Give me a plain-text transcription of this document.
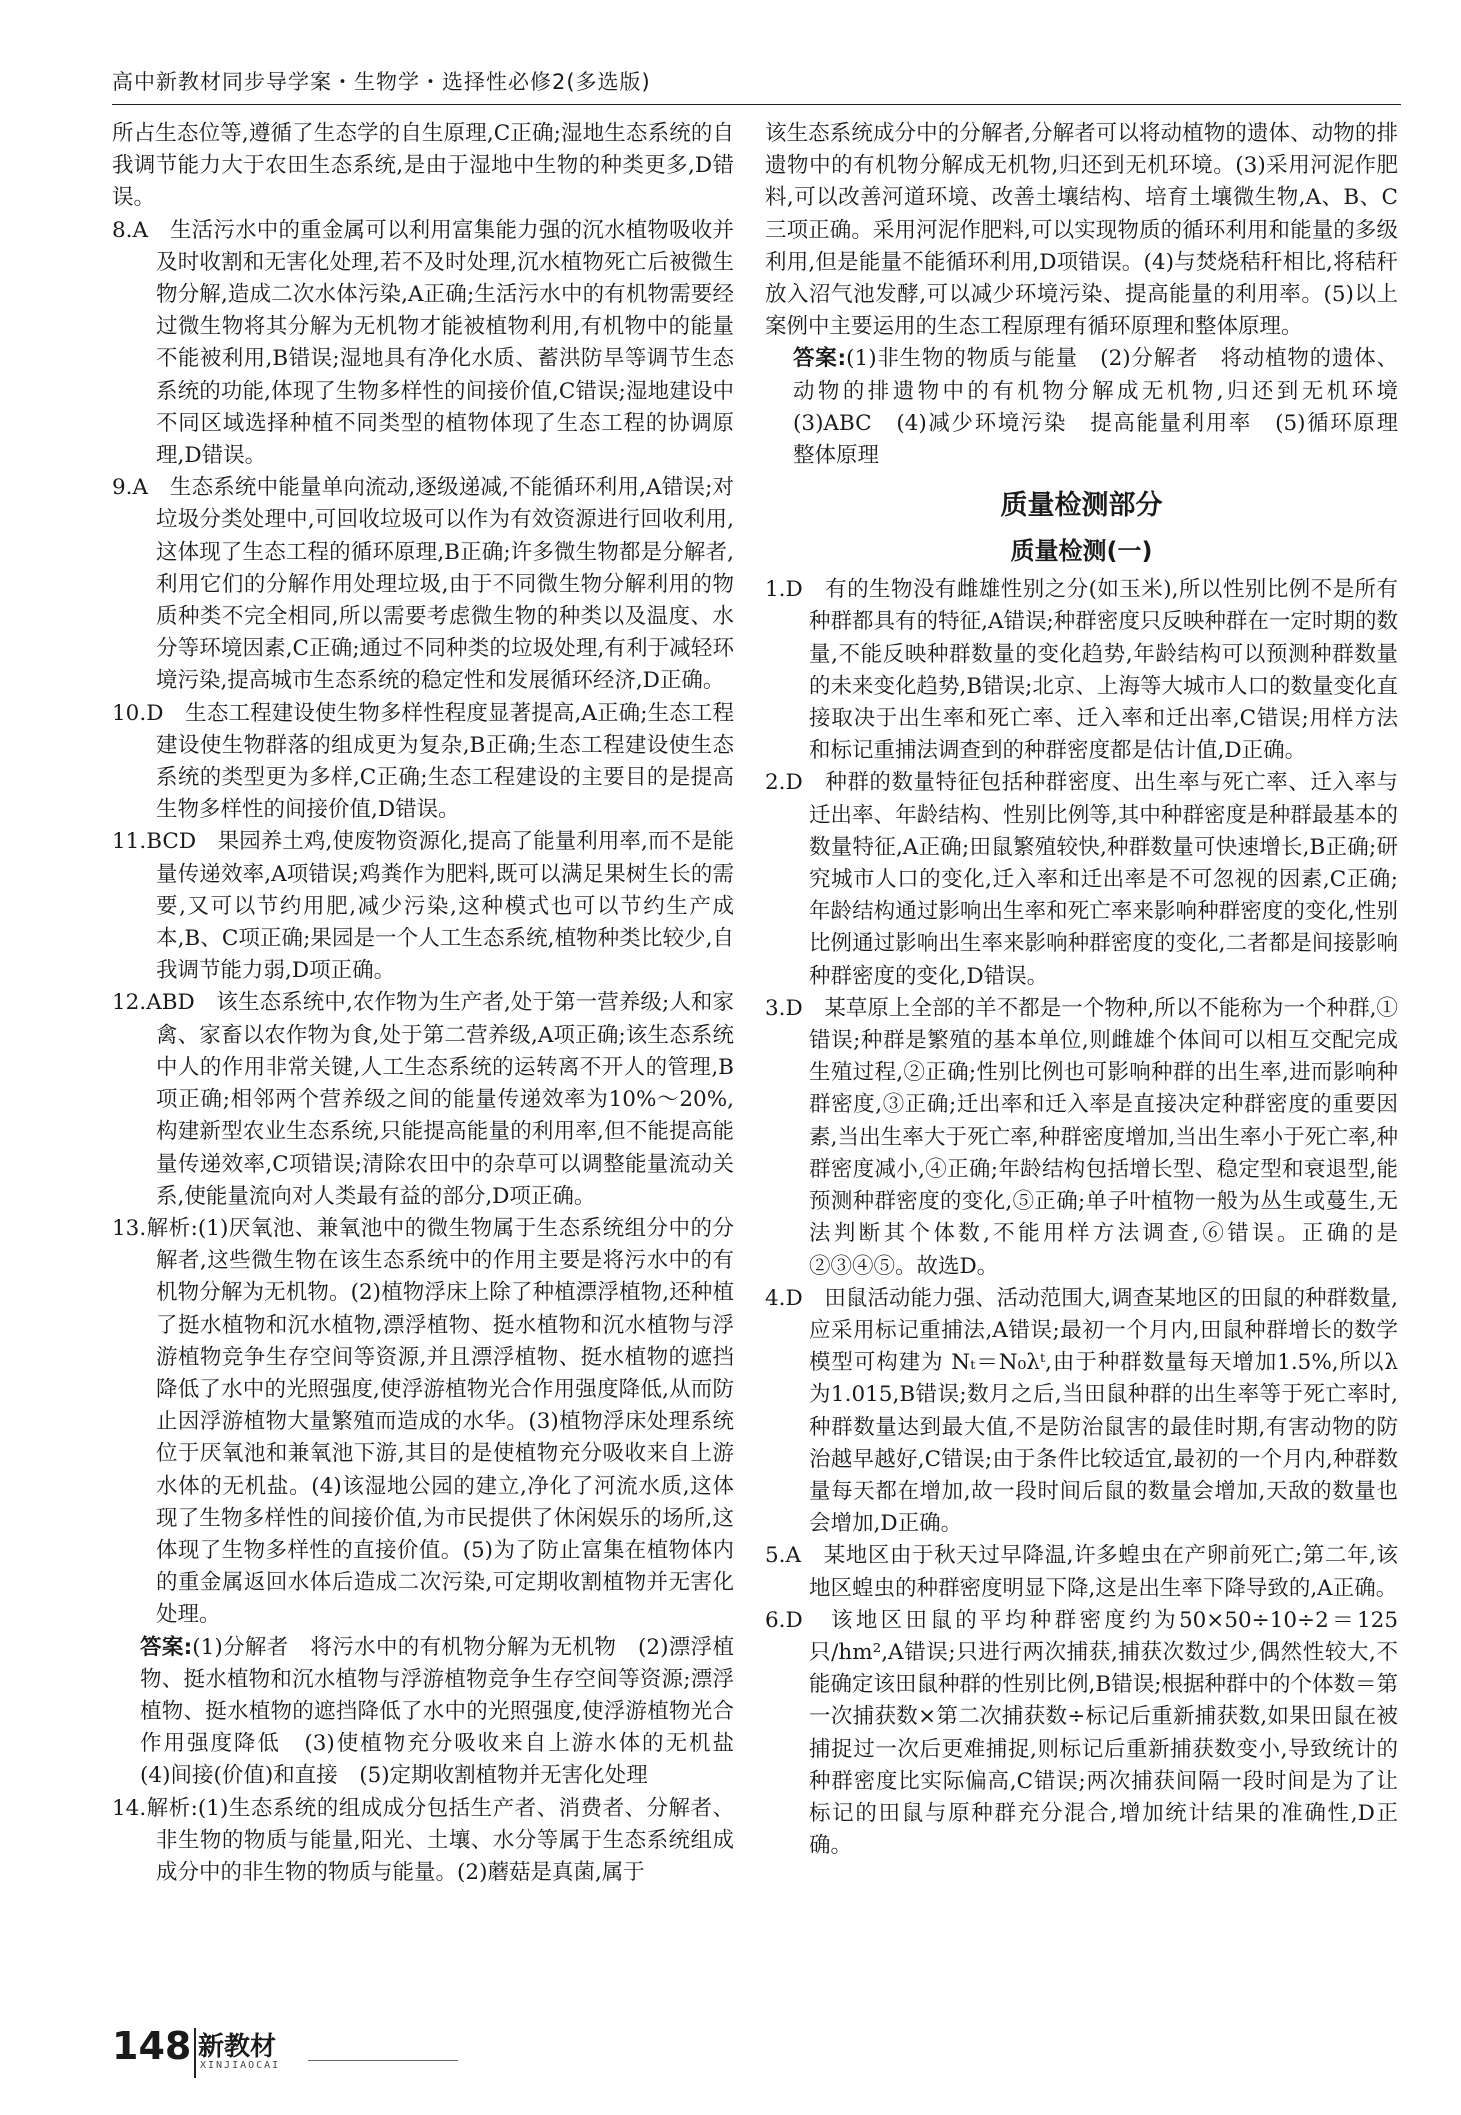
高中新教材同步导学案・生物学・选择性必修2(多选版)

所占生态位等,遵循了生态学的自生原理,C正确;湿地生态系统的自我调节能力大于农田生态系统,是由于湿地中生物的种类更多,D错误。

8.A　生活污水中的重金属可以利用富集能力强的沉水植物吸收并及时收割和无害化处理,若不及时处理,沉水植物死亡后被微生物分解,造成二次水体污染,A正确;生活污水中的有机物需要经过微生物将其分解为无机物才能被植物利用,有机物中的能量不能被利用,B错误;湿地具有净化水质、蓄洪防旱等调节生态系统的功能,体现了生物多样性的间接价值,C错误;湿地建设中不同区域选择种植不同类型的植物体现了生态工程的协调原理,D错误。

9.A　生态系统中能量单向流动,逐级递减,不能循环利用,A错误;对垃圾分类处理中,可回收垃圾可以作为有效资源进行回收利用,这体现了生态工程的循环原理,B正确;许多微生物都是分解者,利用它们的分解作用处理垃圾,由于不同微生物分解利用的物质种类不完全相同,所以需要考虑微生物的种类以及温度、水分等环境因素,C正确;通过不同种类的垃圾处理,有利于减轻环境污染,提高城市生态系统的稳定性和发展循环经济,D正确。

10.D　生态工程建设使生物多样性程度显著提高,A正确;生态工程建设使生物群落的组成更为复杂,B正确;生态工程建设使生态系统的类型更为多样,C正确;生态工程建设的主要目的是提高生物多样性的间接价值,D错误。

11.BCD　果园养土鸡,使废物资源化,提高了能量利用率,而不是能量传递效率,A项错误;鸡粪作为肥料,既可以满足果树生长的需要,又可以节约用肥,减少污染,这种模式也可以节约生产成本,B、C项正确;果园是一个人工生态系统,植物种类比较少,自我调节能力弱,D项正确。

12.ABD　该生态系统中,农作物为生产者,处于第一营养级;人和家禽、家畜以农作物为食,处于第二营养级,A项正确;该生态系统中人的作用非常关键,人工生态系统的运转离不开人的管理,B项正确;相邻两个营养级之间的能量传递效率为10%～20%,构建新型农业生态系统,只能提高能量的利用率,但不能提高能量传递效率,C项错误;清除农田中的杂草可以调整能量流动关系,使能量流向对人类最有益的部分,D项正确。

13.解析:(1)厌氧池、兼氧池中的微生物属于生态系统组分中的分解者,这些微生物在该生态系统中的作用主要是将污水中的有机物分解为无机物。(2)植物浮床上除了种植漂浮植物,还种植了挺水植物和沉水植物,漂浮植物、挺水植物和沉水植物与浮游植物竞争生存空间等资源,并且漂浮植物、挺水植物的遮挡降低了水中的光照强度,使浮游植物光合作用强度降低,从而防止因浮游植物大量繁殖而造成的水华。(3)植物浮床处理系统位于厌氧池和兼氧池下游,其目的是使植物充分吸收来自上游水体的无机盐。(4)该湿地公园的建立,净化了河流水质,这体现了生物多样性的间接价值,为市民提供了休闲娱乐的场所,这体现了生物多样性的直接价值。(5)为了防止富集在植物体内的重金属返回水体后造成二次污染,可定期收割植物并无害化处理。

答案:(1)分解者　将污水中的有机物分解为无机物　(2)漂浮植物、挺水植物和沉水植物与浮游植物竞争生存空间等资源;漂浮植物、挺水植物的遮挡降低了水中的光照强度,使浮游植物光合作用强度降低　(3)使植物充分吸收来自上游水体的无机盐　(4)间接(价值)和直接　(5)定期收割植物并无害化处理

14.解析:(1)生态系统的组成成分包括生产者、消费者、分解者、非生物的物质与能量,阳光、土壤、水分等属于生态系统组成成分中的非生物的物质与能量。(2)蘑菇是真菌,属于

该生态系统成分中的分解者,分解者可以将动植物的遗体、动物的排遗物中的有机物分解成无机物,归还到无机环境。(3)采用河泥作肥料,可以改善河道环境、改善土壤结构、培育土壤微生物,A、B、C三项正确。采用河泥作肥料,可以实现物质的循环利用和能量的多级利用,但是能量不能循环利用,D项错误。(4)与焚烧秸秆相比,将秸秆放入沼气池发酵,可以减少环境污染、提高能量的利用率。(5)以上案例中主要运用的生态工程原理有循环原理和整体原理。

答案:(1)非生物的物质与能量　(2)分解者　将动植物的遗体、动物的排遗物中的有机物分解成无机物,归还到无机环境　(3)ABC　(4)减少环境污染　提高能量利用率　(5)循环原理　整体原理

质量检测部分
质量检测(一)

1.D　有的生物没有雌雄性别之分(如玉米),所以性别比例不是所有种群都具有的特征,A错误;种群密度只反映种群在一定时期的数量,不能反映种群数量的变化趋势,年龄结构可以预测种群数量的未来变化趋势,B错误;北京、上海等大城市人口的数量变化直接取决于出生率和死亡率、迁入率和迁出率,C错误;用样方法和标记重捕法调查到的种群密度都是估计值,D正确。

2.D　种群的数量特征包括种群密度、出生率与死亡率、迁入率与迁出率、年龄结构、性别比例等,其中种群密度是种群最基本的数量特征,A正确;田鼠繁殖较快,种群数量可快速增长,B正确;研究城市人口的变化,迁入率和迁出率是不可忽视的因素,C正确;年龄结构通过影响出生率和死亡率来影响种群密度的变化,性别比例通过影响出生率来影响种群密度的变化,二者都是间接影响种群密度的变化,D错误。

3.D　某草原上全部的羊不都是一个物种,所以不能称为一个种群,①错误;种群是繁殖的基本单位,则雌雄个体间可以相互交配完成生殖过程,②正确;性别比例也可影响种群的出生率,进而影响种群密度,③正确;迁出率和迁入率是直接决定种群密度的重要因素,当出生率大于死亡率,种群密度增加,当出生率小于死亡率,种群密度减小,④正确;年龄结构包括增长型、稳定型和衰退型,能预测种群密度的变化,⑤正确;单子叶植物一般为丛生或蔓生,无法判断其个体数,不能用样方法调查,⑥错误。正确的是②③④⑤。故选D。

4.D　田鼠活动能力强、活动范围大,调查某地区的田鼠的种群数量,应采用标记重捕法,A错误;最初一个月内,田鼠种群增长的数学模型可构建为 Nₜ＝N₀λᵗ,由于种群数量每天增加1.5%,所以λ为1.015,B错误;数月之后,当田鼠种群的出生率等于死亡率时,种群数量达到最大值,不是防治鼠害的最佳时期,有害动物的防治越早越好,C错误;由于条件比较适宜,最初的一个月内,种群数量每天都在增加,故一段时间后鼠的数量会增加,天敌的数量也会增加,D正确。

5.A　某地区由于秋天过早降温,许多蝗虫在产卵前死亡;第二年,该地区蝗虫的种群密度明显下降,这是出生率下降导致的,A正确。

6.D　该地区田鼠的平均种群密度约为50×50÷10÷2＝125只/hm²,A错误;只进行两次捕获,捕获次数过少,偶然性较大,不能确定该田鼠种群的性别比例,B错误;根据种群中的个体数＝第一次捕获数×第二次捕获数÷标记后重新捕获数,如果田鼠在被捕捉过一次后更难捕捉,则标记后重新捕获数变小,导致统计的种群密度比实际偏高,C错误;两次捕获间隔一段时间是为了让标记的田鼠与原种群充分混合,增加统计结果的准确性,D正确。

148 新教材
XINJIAOCAI
